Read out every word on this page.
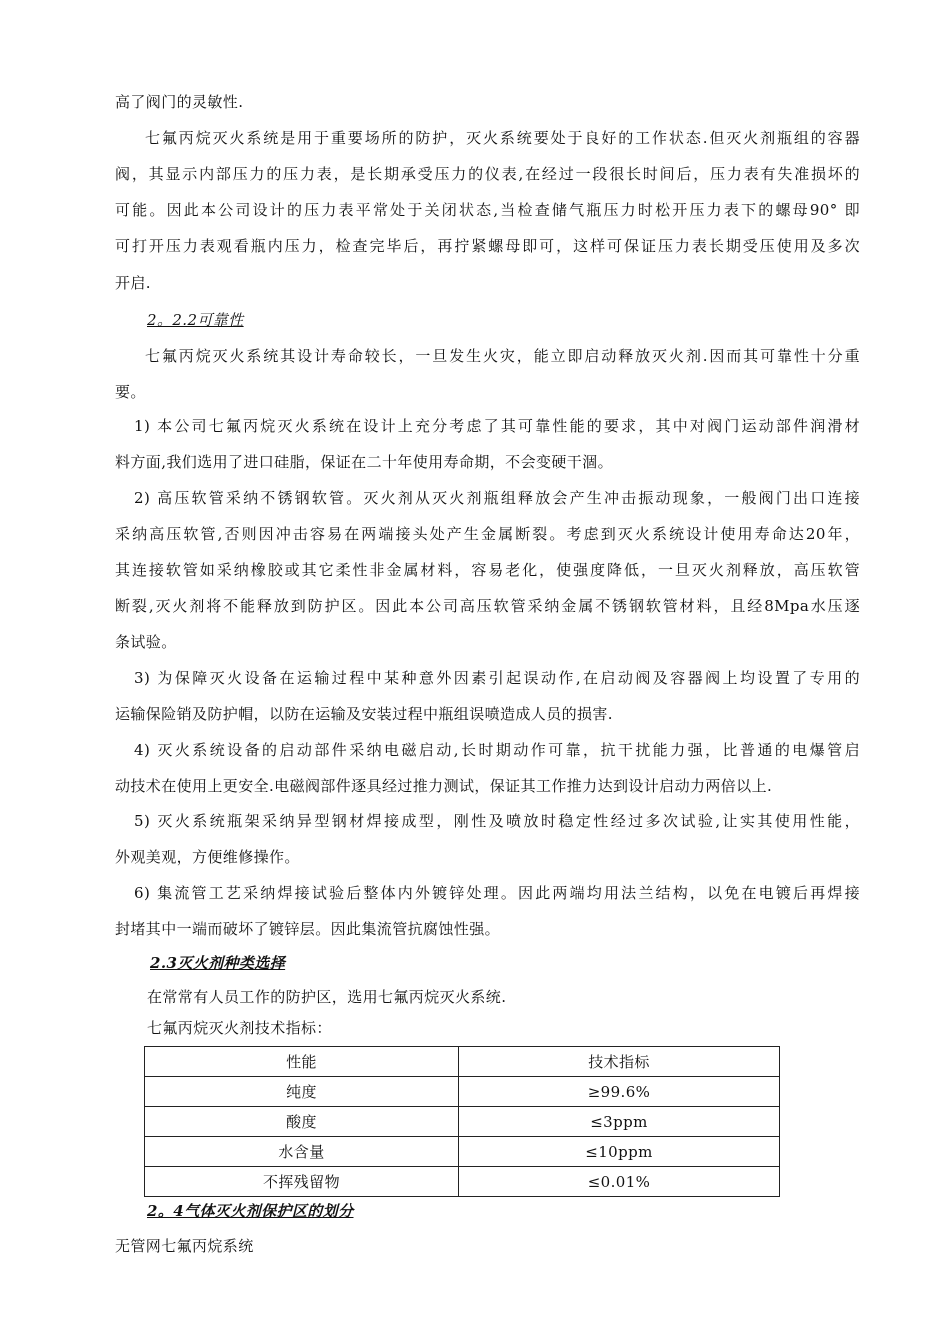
高了阀门的灵敏性.
七氟丙烷灭火系统是用于重要场所的防护，灭火系统要处于良好的工作状态.但灭火剂瓶组的容器
阀，其显示内部压力的压力表，是长期承受压力的仪表,在经过一段很长时间后，压力表有失准损坏的
可能。因此本公司设计的压力表平常处于关闭状态,当检查储气瓶压力时松开压力表下的螺母90° 即
可打开压力表观看瓶内压力，检查完毕后，再拧紧螺母即可，这样可保证压力表长期受压使用及多次
开启.
2。2.2可靠性
七氟丙烷灭火系统其设计寿命较长，一旦发生火灾，能立即启动释放灭火剂.因而其可靠性十分重
要。
1) 本公司七氟丙烷灭火系统在设计上充分考虑了其可靠性能的要求，其中对阀门运动部件润滑材
料方面,我们选用了进口硅脂，保证在二十年使用寿命期，不会变硬干涸。
2) 高压软管采纳不锈钢软管。灭火剂从灭火剂瓶组释放会产生冲击振动现象，一般阀门出口连接
采纳高压软管,否则因冲击容易在两端接头处产生金属断裂。考虑到灭火系统设计使用寿命达20年，
其连接软管如采纳橡胶或其它柔性非金属材料，容易老化，使强度降低，一旦灭火剂释放，高压软管
断裂,灭火剂将不能释放到防护区。因此本公司高压软管采纳金属不锈钢软管材料，且经8Mpa水压逐
条试验。
3) 为保障灭火设备在运输过程中某种意外因素引起误动作,在启动阀及容器阀上均设置了专用的
运输保险销及防护帽，以防在运输及安装过程中瓶组误喷造成人员的损害.
4) 灭火系统设备的启动部件采纳电磁启动,长时期动作可靠，抗干扰能力强，比普通的电爆管启
动技术在使用上更安全.电磁阀部件逐具经过推力测试，保证其工作推力达到设计启动力两倍以上.
5) 灭火系统瓶架采纳异型钢材焊接成型，刚性及喷放时稳定性经过多次试验,让实其使用性能，
外观美观，方便维修操作。
6) 集流管工艺采纳焊接试验后整体内外镀锌处理。因此两端均用法兰结构，以免在电镀后再焊接
封堵其中一端而破坏了镀锌层。因此集流管抗腐蚀性强。
2.3灭火剂种类选择
在常常有人员工作的防护区，选用七氟丙烷灭火系统.
七氟丙烷灭火剂技术指标：
性能	技术指标
纯度	≥99.6%
酸度	≤3ppm
水含量	≤10ppm
不挥残留物	≤0.01%
2。4气体灭火剂保护区的划分
无管网七氟丙烷系统
